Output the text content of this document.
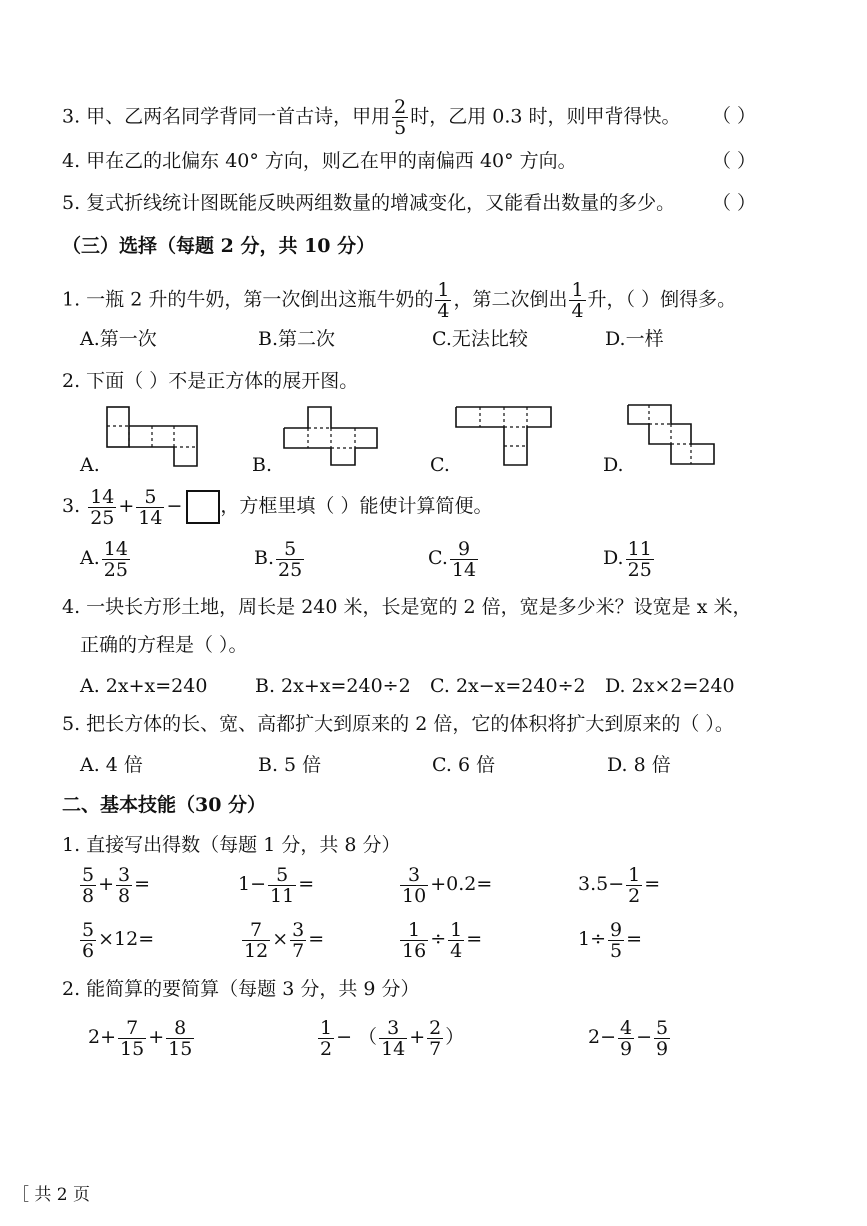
3. 甲、乙两名同学背同一首古诗，甲用 $\frac{2}{5}$ 时，乙用 0.3 时，则甲背得快。 （ ）
4. 甲在乙的北偏东 40° 方向，则乙在甲的南偏西 40° 方向。	（ ）
5. 复式折线统计图既能反映两组数量的增减变化，又能看出数量的多少。 （ ）
（三）选择（每题 2 分，共 10 分）
1. 一瓶 2 升的牛奶，第一次倒出这瓶牛奶的 $\frac{1}{4}$ ，第二次倒出 $\frac{1}{4}$ 升，（ ）倒得多。
A.第一次	B.第二次	C.无法比较	D.一样
2. 下面（ ）不是正方体的展开图。
A.	B.	C.	D.
3. $\frac{14}{25} + \frac{5}{14}$ − ，方框里填（ ）能使计算简便。
A. $\frac{14}{25}$	B. $\frac{5}{25}$	C. $\frac{9}{14}$	D. $\frac{11}{25}$
4. 一块长方形土地，周长是 240 米，长是宽的 2 倍，宽是多少米？设宽是 x 米，
正确的方程是（ ）。
A. 2x+x=240	B. 2x+x=240÷2 C. 2x−x=240÷2 D. 2x×2=240
5. 把长方体的长、宽、高都扩大到原来的 2 倍，它的体积将扩大到原来的（ ）。
A. 4 倍	B. 5 倍	C. 6 倍	D. 8 倍
二、基本技能（30 分）
1. 直接写出得数（每题 1 分，共 8 分）
$\frac{5}{8} + \frac{3}{8}$ =	$1- \frac{5}{11}$ =	$\frac{3}{10} +0.2=$	$3.5- \frac{1}{2}$ =
$\frac{5}{6} \times 12=$	$\frac{7}{12} \times \frac{3}{7}$ =	$\frac{1}{16} \div \frac{1}{4}$ =	$1\div \frac{9}{5}$ =
2. 能简算的要简算（每题 3 分，共 9 分）
$2+ \frac{7}{15} + \frac{8}{15}$	$\frac{1}{2}$ − （ $\frac{3}{14} + \frac{2}{7}$ ）	$2- \frac{4}{9} - \frac{5}{9}$
［ 共 2 页
